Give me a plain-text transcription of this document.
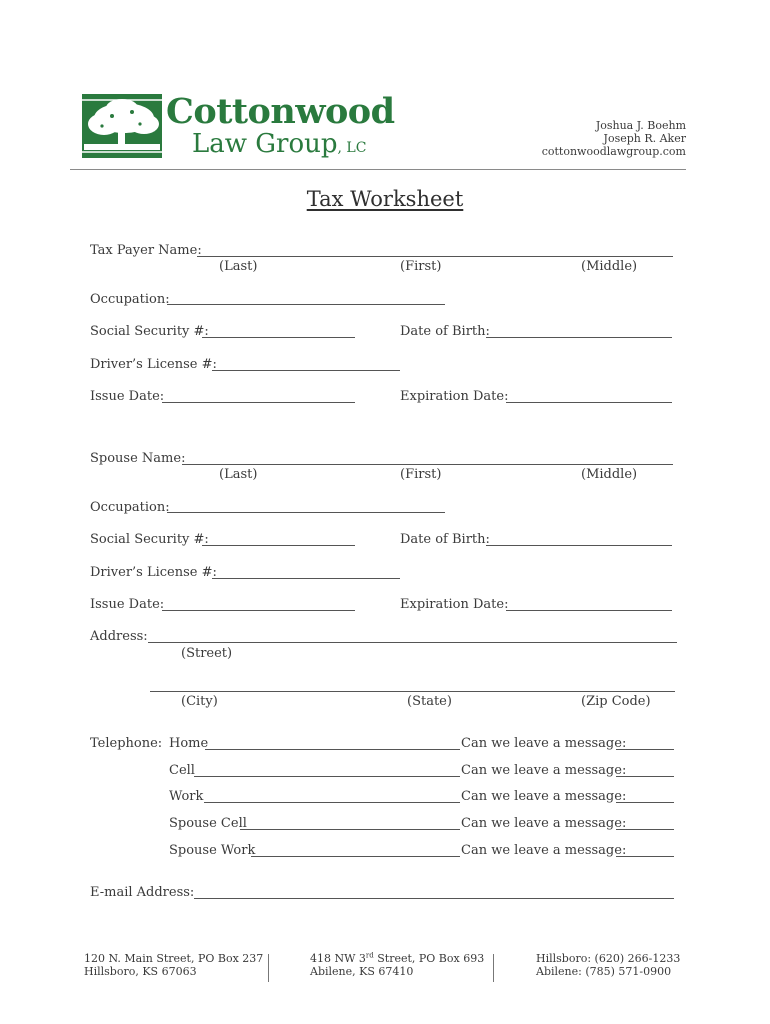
Cottonwood
Law Group, LC
Joshua J. Boehm
Joseph R. Aker
cottonwoodlawgroup.com
Tax Worksheet
Tax Payer Name:
(Last)	(First)	(Middle)
Occupation:
Social Security #:	Date of Birth:
Driver’s License #:
Issue Date:	Expiration Date:
Spouse Name:
(Last)	(First)	(Middle)
Occupation:
Social Security #:	Date of Birth:
Driver’s License #:
Issue Date:	Expiration Date:
Address:
(Street)
(City)	(State)	(Zip Code)
Telephone: Home	Can we leave a message:
Cell	Can we leave a message:
Work	Can we leave a message:
Spouse Cell	Can we leave a message:
Spouse Work	Can we leave a message:
E-mail Address:
120 N. Main Street, PO Box 237
Hillsboro, KS 67063
418 NW 3rd Street, PO Box 693
Abilene, KS 67410
Hillsboro: (620) 266-1233
Abilene: (785) 571-0900
